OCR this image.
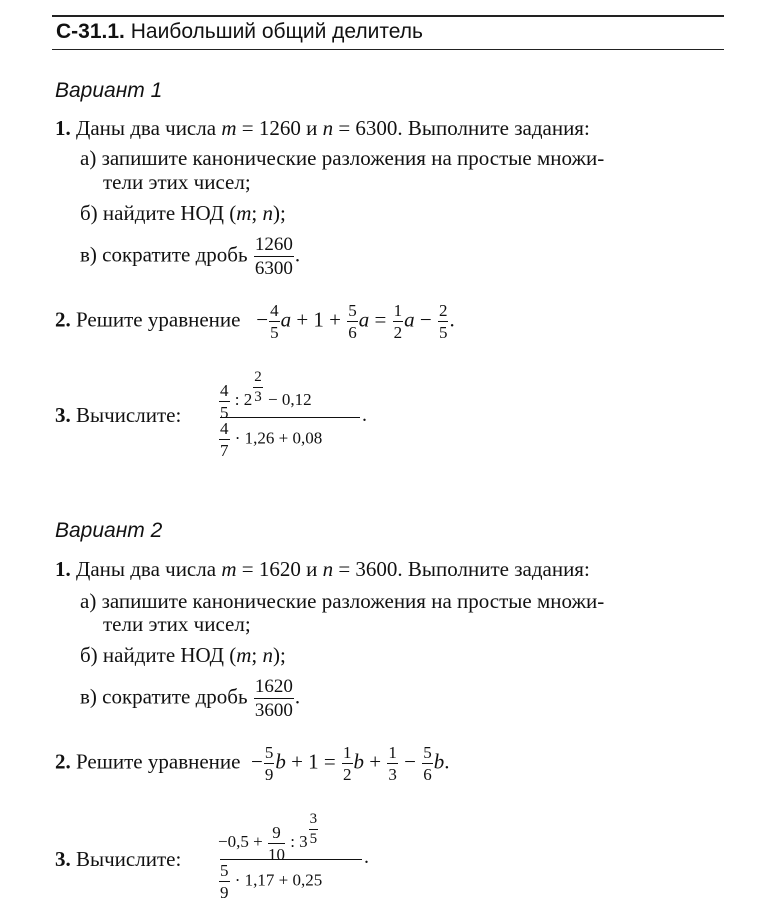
С-31.1. Наибольший общий делитель
Вариант 1
1. Даны два числа m = 1260 и n = 6300. Выполните задания:
а) запишите канонические разложения на простые множи-
тели этих чисел;
б) найдите НОД (m; n);
в) сократите дробь $\frac{1260}{6300}$ .
2. Решите уравнение − $\frac{4}{5}$ $a + 1 + \frac{5}{6}$ $a = \frac{1}{2}$ $a - \frac{2}{5}$ .
3. Вычислите: $\frac{4}{5}$ : $2 \frac{2}{3} - 0,12$
$\frac{4}{7} \cdot 1,26 + 0,08$
.
Вариант 2
1. Даны два числа m = 1620 и n = 3600. Выполните задания:
а) запишите канонические разложения на простые множи-
тели этих чисел;
б) найдите НОД (m; n);
в) сократите дробь $\frac{1620}{3600}$ .
2. Решите уравнение − $\frac{5}{9}$ $b + 1 = \frac{1}{2}$ $b + \frac{1}{3} - \frac{5}{6} b$.
3. Вычислите:
$-0,5 + \frac{9}{10}$ : $3 \frac{3}{5}$
$\frac{5}{9} \cdot 1,17 + 0,25$
.
